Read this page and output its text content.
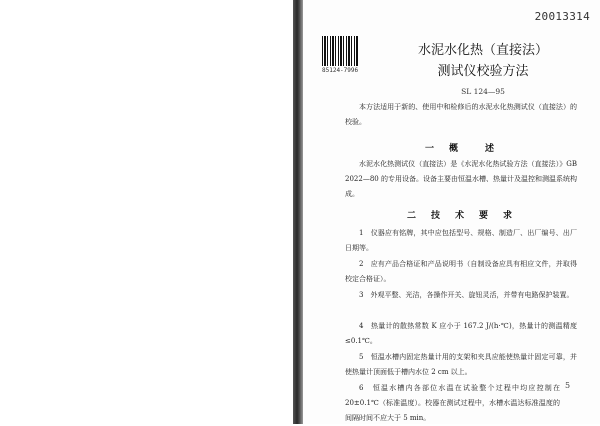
85124-7996
20013314
水泥水化热（直接法）
测试仪校验方法
SL 124—95
本方法适用于新的、使用中和检修后的水泥水化热测试仪（直接法）的校验。
一　概　　述
水泥水化热测试仪（直接法）是《水泥水化热试验方法（直接法）》GB 2022—80 的专用设备。设备主要由恒温水槽、热量计及温控和测温系统构成。
二　技　术　要　求
1　仪器应有铭牌，其中应包括型号、规格、制造厂、出厂编号、出厂日期等。
2　应有产品合格证和产品说明书（自制设备应具有相应文件，并取得校定合格证）。
3　外观平整、光洁，各操作开关、旋钮灵活，并带有电路保护装置。
4　热量计的散热常数 K 应小于 167.2 J/(h·℃)，热量计的测温精度≤0.1℃。
5　恒温水槽内固定热量计用的支架和夹具应能使热量计固定可靠，并使热量计顶面低于槽内水位 2 cm 以上。
6　恒温水槽内各部位水温在试验整个过程中均应控制在 20±0.1℃（标准温度）。校器在测试过程中，水槽水温达标准温度的间隔时间不应大于 5 min。
5
